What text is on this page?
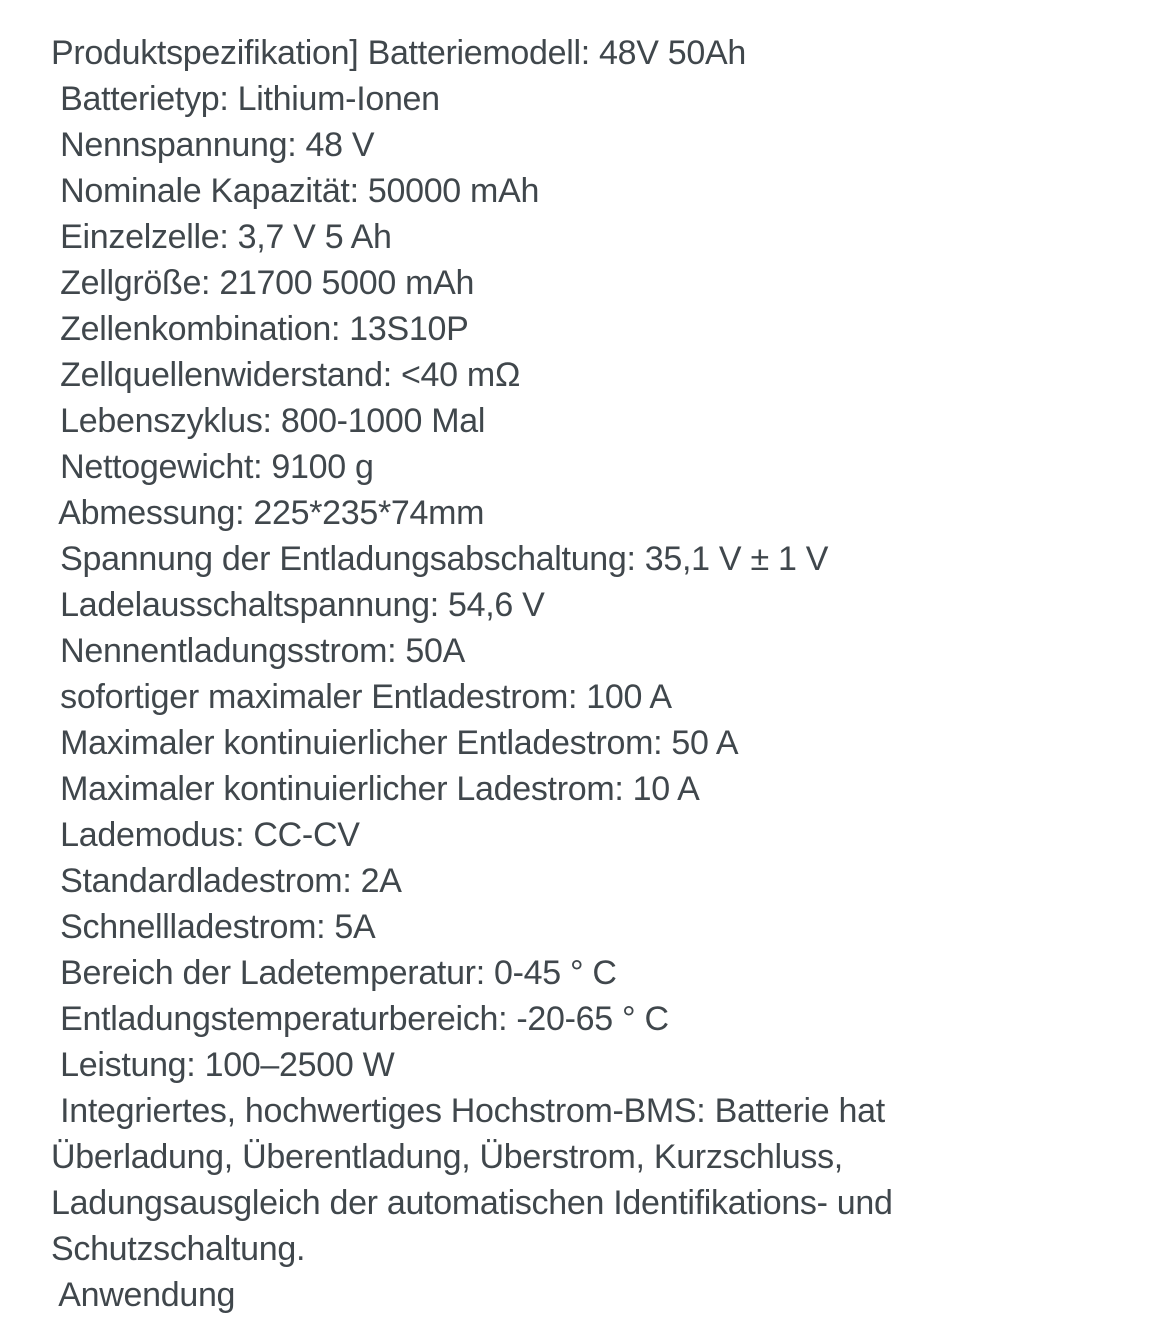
Produktspezifikation] Batteriemodell: 48V 50Ah
Batterietyp: Lithium-Ionen
Nennspannung: 48 V
Nominale Kapazität: 50000 mAh
Einzelzelle: 3,7 V 5 Ah
Zellgröße: 21700 5000 mAh
Zellenkombination: 13S10P
Zellquellenwiderstand: <40 mΩ
Lebenszyklus: 800-1000 Mal
Nettogewicht: 9100 g
Abmessung: 225*235*74mm
Spannung der Entladungsabschaltung: 35,1 V ± 1 V
Ladelausschaltspannung: 54,6 V
Nennentladungsstrom: 50A
sofortiger maximaler Entladestrom: 100 A
Maximaler kontinuierlicher Entladestrom: 50 A
Maximaler kontinuierlicher Ladestrom: 10 A
Lademodus: CC-CV
Standardladestrom: 2A
Schnellladestrom: 5A
Bereich der Ladetemperatur: 0-45 ° C
Entladungstemperaturbereich: -20-65 ° C
Leistung: 100–2500 W
Integriertes, hochwertiges Hochstrom-BMS: Batterie hat
Überladung, Überentladung, Überstrom, Kurzschluss,
Ladungsausgleich der automatischen Identifikations- und
Schutzschaltung.
Anwendung
